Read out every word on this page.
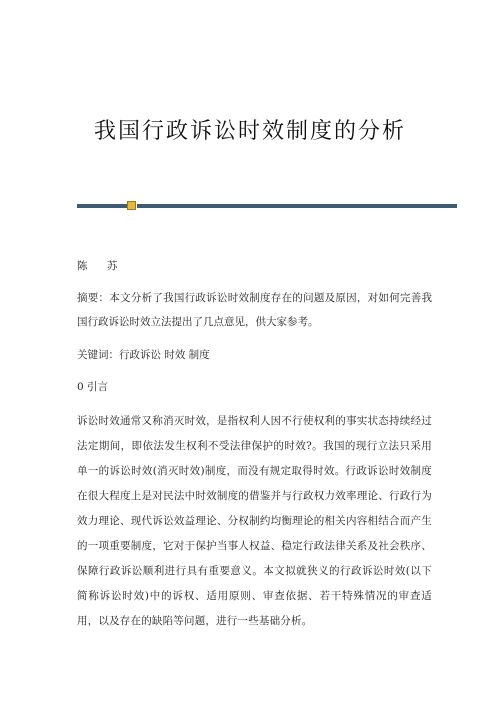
我国行政诉讼时效制度的分析

陈 苏

摘要：本文分析了我国行政诉讼时效制度存在的问题及原因，对如何完善我国行政诉讼时效立法提出了几点意见，供大家参考。

关键词：行政诉讼 时效 制度

0 引言

诉讼时效通常又称消灭时效，是指权利人因不行使权利的事实状态持续经过法定期间，即依法发生权利不受法律保护的时效?。我国的现行立法只采用单一的诉讼时效(消灭时效)制度，而没有规定取得时效。行政诉讼时效制度在很大程度上是对民法中时效制度的借鉴并与行政权力效率理论、行政行为效力理论、现代诉讼效益理论、分权制约均衡理论的相关内容相结合而产生的一项重要制度，它对于保护当事人权益、稳定行政法律关系及社会秩序、保障行政诉讼顺利进行具有重要意义。本文拟就狭义的行政诉讼时效(以下简称诉讼时效)中的诉权、适用原则、审查依据、若干特殊情况的审查适用，以及存在的缺陷等问题，进行一些基础分析。
